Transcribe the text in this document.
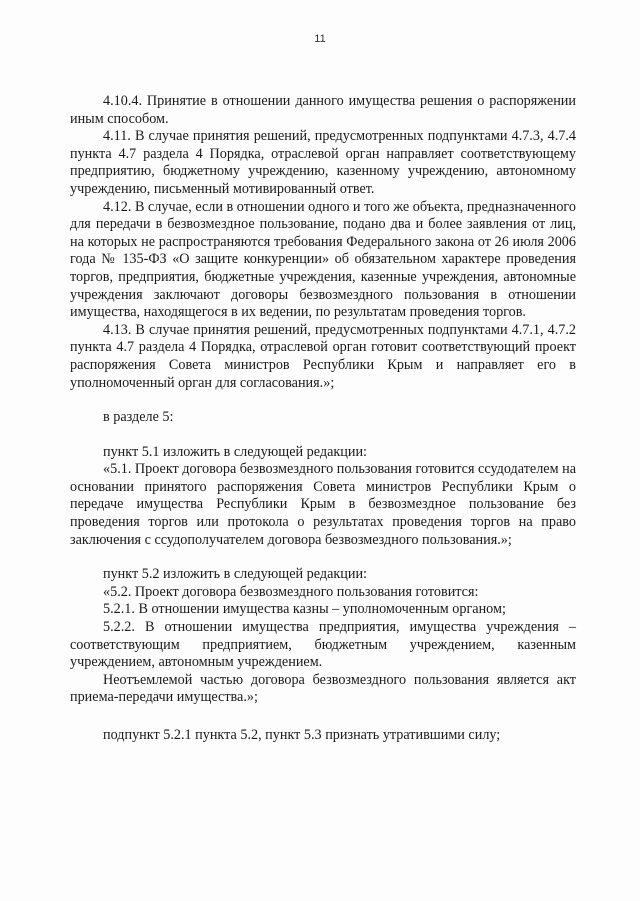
11

4.10.4. Принятие в отношении данного имущества решения о распоряжении иным способом.

4.11. В случае принятия решений, предусмотренных подпунктами 4.7.3, 4.7.4 пункта 4.7 раздела 4 Порядка, отраслевой орган направляет соответствующему предприятию, бюджетному учреждению, казенному учреждению, автономному учреждению, письменный мотивированный ответ.

4.12. В случае, если в отношении одного и того же объекта, предназначенного для передачи в безвозмездное пользование, подано два и более заявления от лиц, на которых не распространяются требования Федерального закона от 26 июля 2006 года № 135-ФЗ «О защите конкуренции» об обязательном характере проведения торгов, предприятия, бюджетные учреждения, казенные учреждения, автономные учреждения заключают договоры безвозмездного пользования в отношении имущества, находящегося в их ведении, по результатам проведения торгов.

4.13. В случае принятия решений, предусмотренных подпунктами 4.7.1, 4.7.2 пункта 4.7 раздела 4 Порядка, отраслевой орган готовит соответствующий проект распоряжения Совета министров Республики Крым и направляет его в уполномоченный орган для согласования.»;

в разделе 5:

пункт 5.1 изложить в следующей редакции:

«5.1. Проект договора безвозмездного пользования готовится ссудодателем на основании принятого распоряжения Совета министров Республики Крым о передаче имущества Республики Крым в безвозмездное пользование без проведения торгов или протокола о результатах проведения торгов на право заключения с ссудополучателем договора безвозмездного пользования.»;

пункт 5.2 изложить в следующей редакции:

«5.2. Проект договора безвозмездного пользования готовится:

5.2.1. В отношении имущества казны – уполномоченным органом;

5.2.2. В отношении имущества предприятия, имущества учреждения – соответствующим предприятием, бюджетным учреждением, казенным учреждением, автономным учреждением.

Неотъемлемой частью договора безвозмездного пользования является акт приема-передачи имущества.»;

подпункт 5.2.1 пункта 5.2, пункт 5.3 признать утратившими силу;
